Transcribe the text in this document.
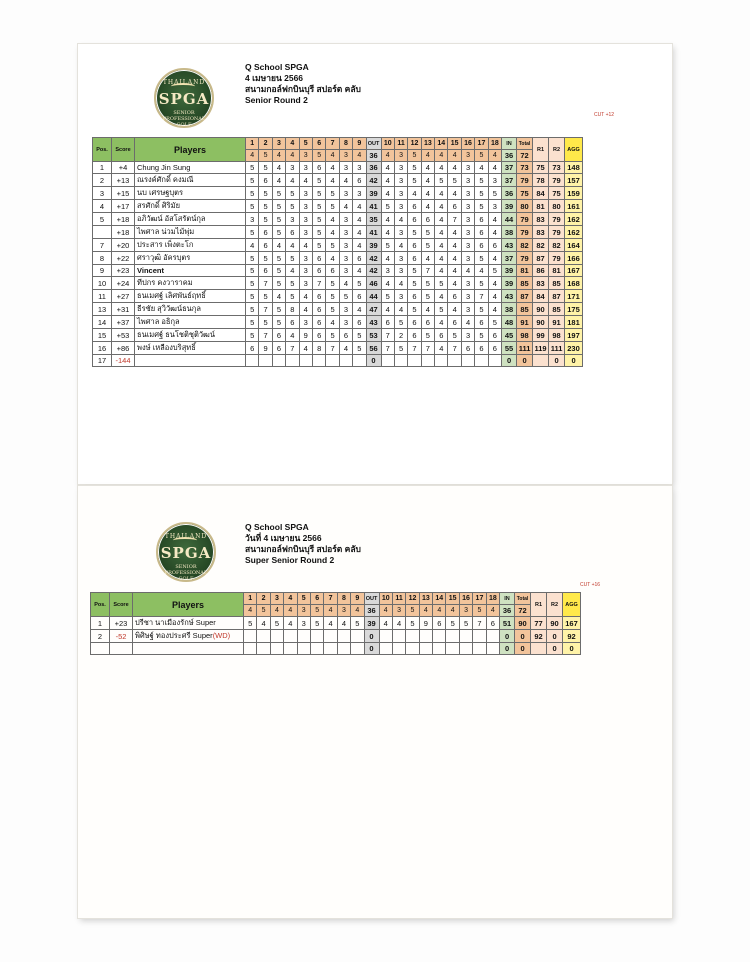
THAILAND
SPGA
SENIOR PROFESSIONAL GOLF
Q School SPGA
4 เมษายน 2566
สนามกอล์ฟกบินบุรี สปอร์ต คลับ
Senior Round 2
CUT +12
Pos.	Score	Players	1	2	3	4	5	6	7	8	9	OUT	10	11	12	13	14	15	16	17	18	IN	Total	R1	R2	AGG
			4	5	4	4	3	5	4	3	4	36	4	3	5	4	4	4	3	5	4	36	72			
1	+4	Chung Jin Sung	5	5	4	3	3	6	4	3	3	36	4	3	5	4	4	4	3	4	4	37	73	75	73	148
2	+13	ณรงค์ศักดิ์ คงมณี	5	6	4	4	4	5	4	4	6	42	4	3	5	4	5	5	3	5	3	37	79	78	79	157
3	+15	นบ เศรษฐบุตร	5	5	5	5	3	5	5	3	3	39	4	3	4	4	4	4	3	5	5	36	75	84	75	159
4	+17	สรศักดิ์ ศิริมัย	5	5	5	5	3	5	5	4	4	41	5	3	6	4	4	6	3	5	3	39	80	81	80	161
5	+18	อภิวัฒน์ อัสโสรัตน์กุล	3	5	5	3	3	5	4	3	4	35	4	4	6	6	4	7	3	6	4	44	79	83	79	162
	+18	ไพศาล น่วมไม้พุ่ม	5	6	5	6	3	5	4	3	4	41	4	3	5	5	4	4	3	6	4	38	79	83	79	162
7	+20	ประสาร เพ็งตะโก	4	6	4	4	4	5	5	3	4	39	5	4	6	5	4	4	3	6	6	43	82	82	82	164
8	+22	ศราวุฒิ อัครบุตร	5	5	5	5	3	6	4	3	6	42	4	3	6	4	4	4	3	5	4	37	79	87	79	166
9	+23	Vincent	5	6	5	4	3	6	6	3	4	42	3	3	5	7	4	4	4	4	5	39	81	86	81	167
10	+24	ทีปกร คงวาราคม	5	7	5	5	3	7	5	4	5	46	4	4	5	5	5	4	3	5	4	39	85	83	85	168
11	+27	ธนเมศฐ์ เลิศพันธ์ฤทธิ์	5	5	4	5	4	6	5	5	6	44	5	3	6	5	4	6	3	7	4	43	87	84	87	171
13	+31	ธีรชัย สุวิวัฒน์ธนกุล	5	7	5	8	4	6	5	3	4	47	4	4	5	4	5	4	3	5	4	38	85	90	85	175
14	+37	ไพศาล อธิกุล	5	5	5	6	3	6	4	3	6	43	6	5	6	6	4	6	4	6	5	48	91	90	91	181
15	+53	ธนเมศฐ์ ธนโชติชุติวัฒน์	5	7	6	4	9	6	5	6	5	53	7	2	6	5	6	5	3	5	6	45	98	99	98	197
16	+86	พงษ์ เหลืองบริสุทธิ์	6	9	6	7	4	8	7	4	5	56	7	5	7	7	4	7	6	6	6	55	111	119	111	230
17	-144											0										0	0		0	0
THAILAND
SPGA
SENIOR PROFESSIONAL GOLF
Q School SPGA
วันที่ 4 เมษายน 2566
สนามกอล์ฟกบินบุรี สปอร์ต คลับ
Super Senior Round 2
CUT +16
Pos.	Score	Players	1	2	3	4	5	6	7	8	9	OUT	10	11	12	13	14	15	16	17	18	IN	Total	R1	R2	AGG
			4	5	4	4	3	5	4	3	4	36	4	3	5	4	4	4	3	5	4	36	72			
1	+23	ปรีชา นาเมืองรักษ์ Super	5	4	5	4	3	5	4	4	5	39	4	4	5	9	6	5	5	7	6	51	90	77	90	167
2	-52	พิศิษฐ์ ทองประศรี Super(WD)										0										0	0	92	0	92
												0										0	0		0	0
